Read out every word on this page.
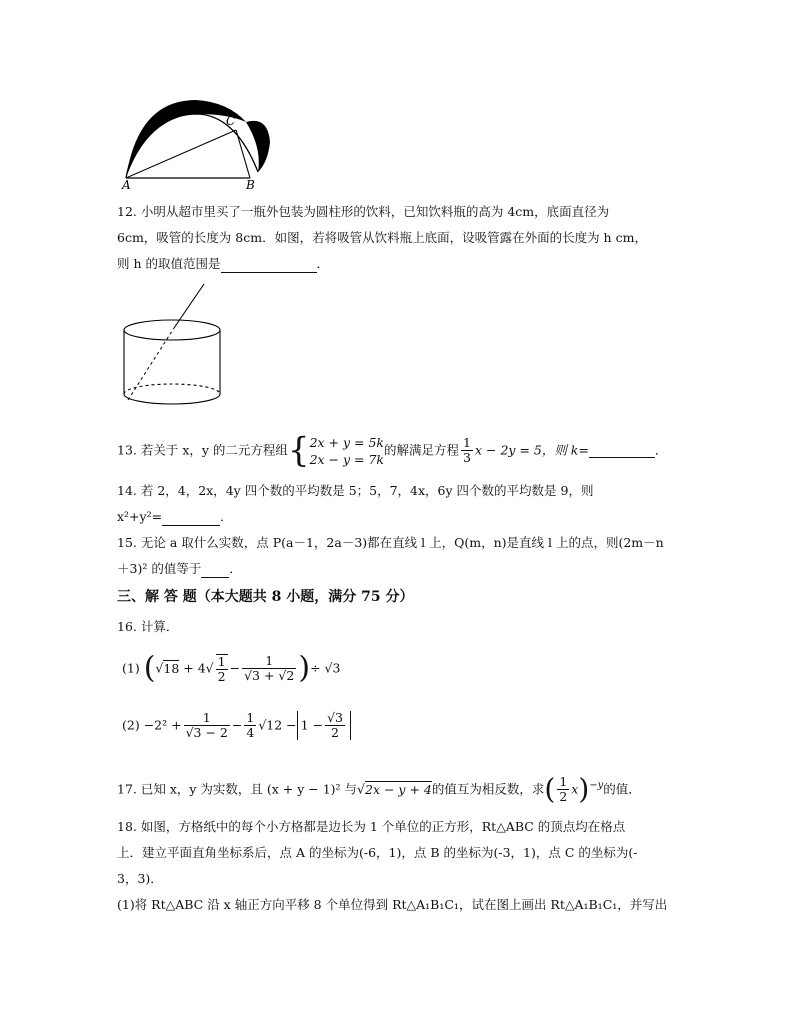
A	B
C
12. 小明从超市里买了一瓶外包装为圆柱形的饮料，已知饮料瓶的高为 4cm，底面直径为
6cm，吸管的长度为 8cm．如图，若将吸管从饮料瓶上底面，设吸管露在外面的长度为 h cm，
则 h 的取值范围是	．
13. 若关于 x，y 的二元方程组{ 2x + y = 5k
2x − y = 7k
的解满足方程 $\frac{1}{3}$ x − 2y = 5，则 k=	．
14. 若 2，4，2x，4y 四个数的平均数是 5；5，7，4x，6y 四个数的平均数是 9，则
x²+y²=	．
15. 无论 a 取什么实数，点 P(a－1，2a－3)都在直线 l 上，Q(m，n)是直线 l 上的点，则(2m－n
＋3)² 的值等于 ．
三、解 答 题（本大题共 8 小题，满分 75 分）
16. 计算．
(1) ($√18 + 4√ \frac{1}{2} - \frac{1}{√3 + √2}$ )÷ √3
$(2) -2^2 + \frac{1}{√3 - 2} - \frac{1}{4} √12 - 1 - \frac{√3}{2}$
17. 已知 x，y 为实数，且 (x + y − 1)² 与√2x − y + 4的值互为相反数，求( $\frac{1}{2} x)^{-y}$的值．
18. 如图，方格纸中的每个小方格都是边长为 1 个单位的正方形，Rt△ABC 的顶点均在格点
上．建立平面直角坐标系后，点 A 的坐标为(-6，1)，点 B 的坐标为(-3，1)，点 C 的坐标为(-
3，3)．
(1)将 Rt△ABC 沿 x 轴正方向平移 8 个单位得到 Rt△A₁B₁C₁，试在图上画出 Rt△A₁B₁C₁，并写出
